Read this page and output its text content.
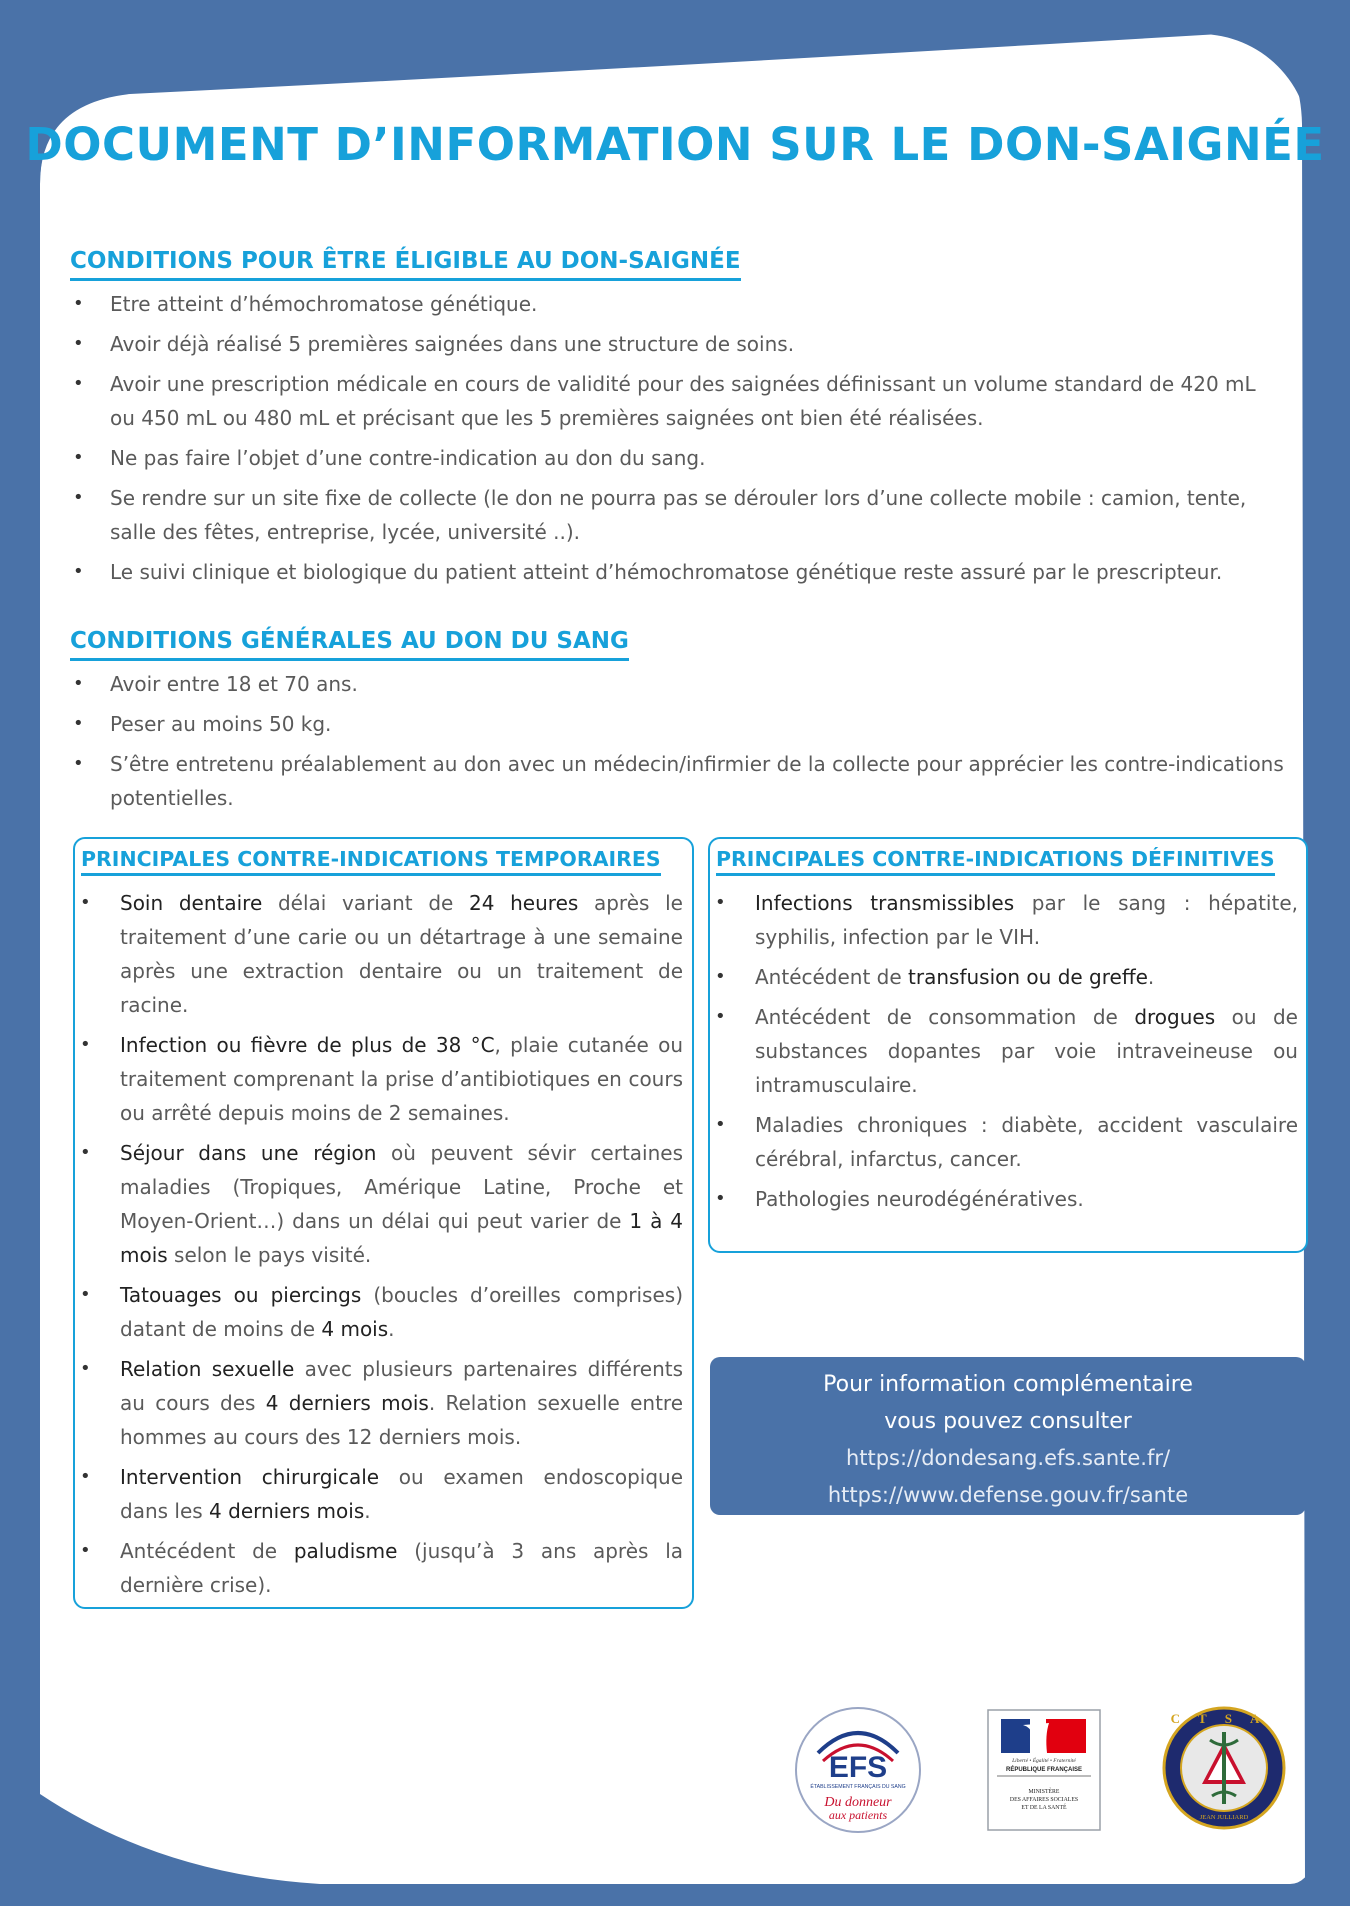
DOCUMENT D’INFORMATION SUR LE DON-SAIGNÉE
CONDITIONS POUR ÊTRE ÉLIGIBLE AU DON-SAIGNÉE
• Etre atteint d’hémochromatose génétique.
• Avoir déjà réalisé 5 premières saignées dans une structure de soins.
• Avoir une prescription médicale en cours de validité pour des saignées définissant un volume standard de 420 mL ou 450 mL ou 480 mL et précisant que les 5 premières saignées ont bien été réalisées.
• Ne pas faire l’objet d’une contre-indication au don du sang.
• Se rendre sur un site fixe de collecte (le don ne pourra pas se dérouler lors d’une collecte mobile : camion, tente, salle des fêtes, entreprise, lycée, université ..).
• Le suivi clinique et biologique du patient atteint d’hémochromatose génétique reste assuré par le prescripteur.
CONDITIONS GÉNÉRALES AU DON DU SANG
• Avoir entre 18 et 70 ans.
• Peser au moins 50 kg.
• S’être entretenu préalablement au don avec un médecin/infirmier de la collecte pour apprécier les contre-indications potentielles.
PRINCIPALES CONTRE-INDICATIONS TEMPORAIRES
• Soin dentaire délai variant de 24 heures après le traitement d’une carie ou un détartrage à une semaine après une extraction dentaire ou un traitement de racine.
• Infection ou fièvre de plus de 38 °C, plaie cutanée ou traitement comprenant la prise d’antibiotiques en cours ou arrêté depuis moins de 2 semaines.
• Séjour dans une région où peuvent sévir certaines maladies (Tropiques, Amérique Latine, Proche et Moyen-Orient…) dans un délai qui peut varier de 1 à 4 mois selon le pays visité.
• Tatouages ou piercings (boucles d’oreilles comprises) datant de moins de 4 mois.
• Relation sexuelle avec plusieurs partenaires différents au cours des 4 derniers mois. Relation sexuelle entre hommes au cours des 12 derniers mois.
• Intervention chirurgicale ou examen endoscopique dans les 4 derniers mois.
• Antécédent de paludisme (jusqu’à 3 ans après la dernière crise).
PRINCIPALES CONTRE-INDICATIONS DÉFINITIVES
• Infections transmissibles par le sang : hépatite, syphilis, infection par le VIH.
• Antécédent de transfusion ou de greffe.
• Antécédent de consommation de drogues ou de substances dopantes par voie intraveineuse ou intramusculaire.
• Maladies chroniques : diabète, accident vasculaire cérébral, infarctus, cancer.
• Pathologies neurodégénératives.
Pour information complémentaire
vous pouvez consulter
https://dondesang.efs.sante.fr/
https://www.defense.gouv.fr/sante
EFS
ÉTABLISSEMENT FRANÇAIS DU SANG
Du donneur
aux patients
Liberté • Égalité • Fraternité
RÉPUBLIQUE FRANÇAISE
MINISTÈRE
DES AFFAIRES SOCIALES
ET DE LA SANTÉ
CTSA
JEAN JULLIARD
